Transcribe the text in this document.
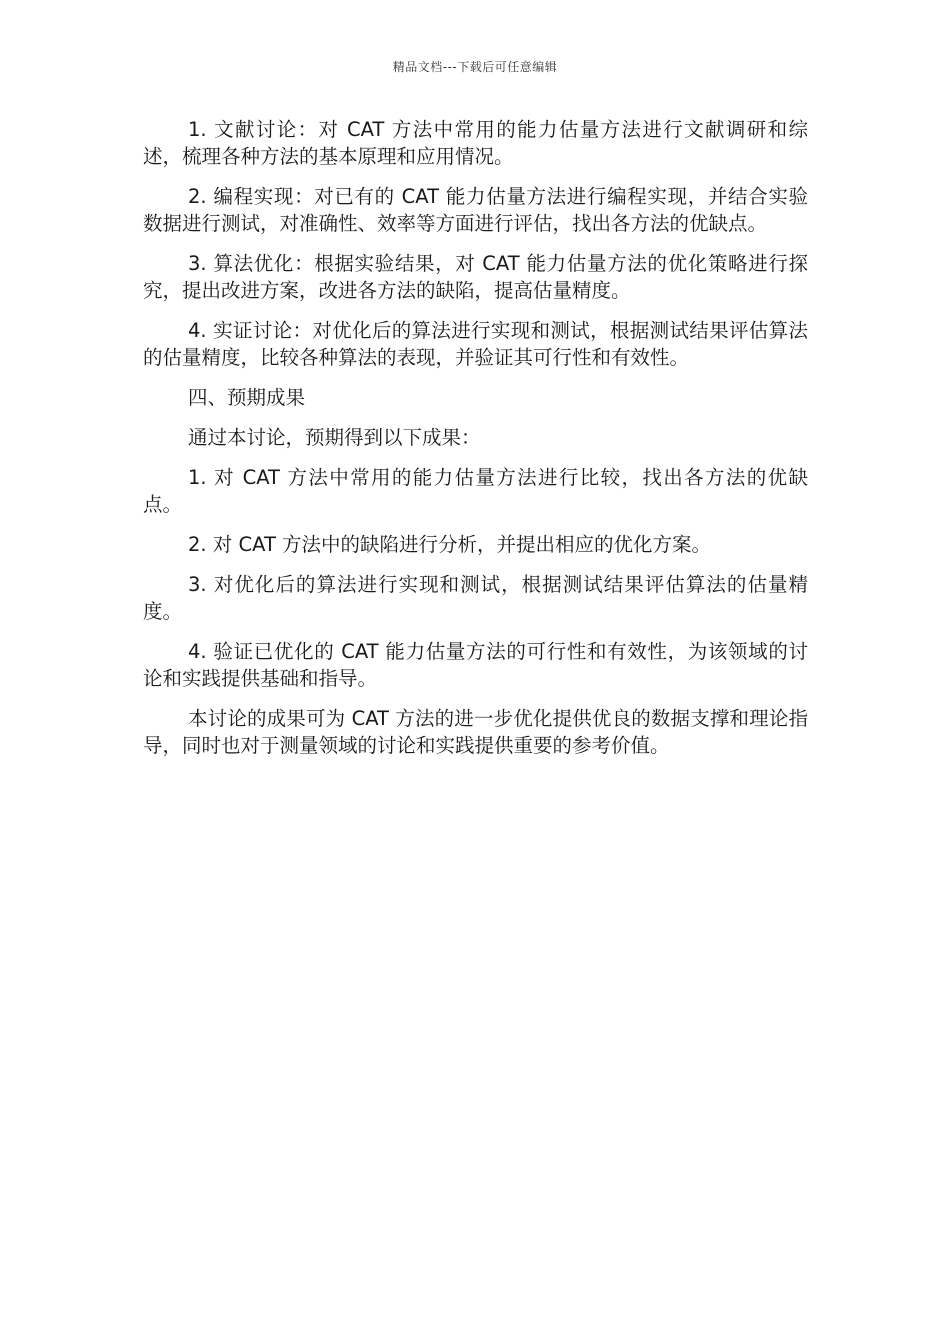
精品文档---下载后可任意编辑

1. 文献讨论：对 CAT 方法中常用的能力估量方法进行文献调研和综述，梳理各种方法的基本原理和应用情况。

2. 编程实现：对已有的 CAT 能力估量方法进行编程实现，并结合实验数据进行测试，对准确性、效率等方面进行评估，找出各方法的优缺点。

3. 算法优化：根据实验结果，对 CAT 能力估量方法的优化策略进行探究，提出改进方案，改进各方法的缺陷，提高估量精度。

4. 实证讨论：对优化后的算法进行实现和测试，根据测试结果评估算法的估量精度，比较各种算法的表现，并验证其可行性和有效性。

四、预期成果

通过本讨论，预期得到以下成果：

1. 对 CAT 方法中常用的能力估量方法进行比较，找出各方法的优缺点。

2. 对 CAT 方法中的缺陷进行分析，并提出相应的优化方案。

3. 对优化后的算法进行实现和测试，根据测试结果评估算法的估量精度。

4. 验证已优化的 CAT 能力估量方法的可行性和有效性，为该领域的讨论和实践提供基础和指导。

本讨论的成果可为 CAT 方法的进一步优化提供优良的数据支撑和理论指导，同时也对于测量领域的讨论和实践提供重要的参考价值。
